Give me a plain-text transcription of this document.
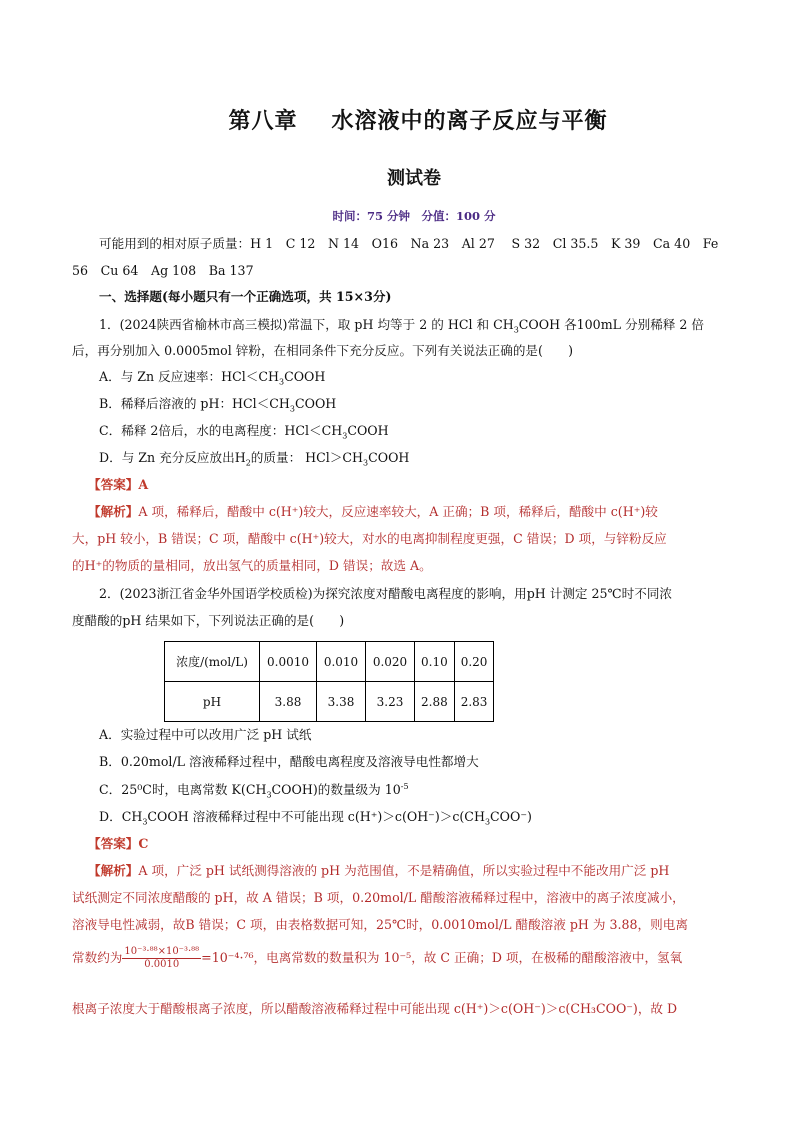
第八章 水溶液中的离子反应与平衡
测试卷
时间：75 分钟　分值：100 分
可能用到的相对原子质量：H 1　C 12　N 14　O16　Na 23　Al 27　 S 32　Cl 35.5　K 39　Ca 40　Fe
56　Cu 64　Ag 108　Ba 137
一、选择题(每小题只有一个正确选项，共 15×3分)
1．(2024陕西省榆林市高三模拟)常温下，取 pH 均等于 2 的 HCl 和 $CH_3COOH$ 各100mL 分别稀释 2 倍
后，再分别加入 0.0005mol 锌粉，在相同条件下充分反应。下列有关说法正确的是(　　)
A．与 Zn 反应速率：$HCl<CH_3COOH$
B．稀释后溶液的 pH：$HCl<CH_3COOH$
C．稀释 2倍后，水的电离程度：$HCl<CH_3COOH$
D．与 Zn 充分反应放出$H_2$的质量： $HCl>CH_3COOH$
【答案】A
【解析】A 项，稀释后，醋酸中 c(H⁺)较大，反应速率较大，A 正确；B 项，稀释后，醋酸中 c(H⁺)较
大，pH 较小，B 错误；C 项，醋酸中 c(H⁺)较大，对水的电离抑制程度更强，C 错误；D 项，与锌粉反应
的H⁺的物质的量相同，放出氢气的质量相同，D 错误；故选 A。
2．(2023浙江省金华外国语学校质检)为探究浓度对醋酸电离程度的影响，用pH 计测定 25℃时不同浓
度醋酸的pH 结果如下，下列说法正确的是(　　)
浓度/(mol/L)	0.0010	0.010	0.020	0.10	0.20
pH	3.88	3.38	3.23	2.88	2.83
A．实验过程中可以改用广泛 pH 试纸
B．0.20mol/L 溶液稀释过程中，醋酸电离程度及溶液导电性都增大
C．25⁰C时，电离常数 $K(CH_3COOH)$的数量级为 $10^{-5}$
D．$CH_3COOH$ 溶液稀释过程中不可能出现 $c(H^+)>c(OH^-)>c(CH_3COO^-)$
【答案】C
【解析】A 项，广泛 pH 试纸测得溶液的 pH 为范围值，不是精确值，所以实验过程中不能改用广泛 pH
试纸测定不同浓度醋酸的 pH，故 A 错误；B 项，0.20mol/L 醋酸溶液稀释过程中，溶液中的离子浓度减小，
溶液导电性减弱，故B 错误；C 项，由表格数据可知，25℃时，0.0010mol/L 醋酸溶液 pH 为 3.88，则电离
常数约为 $\frac{\text{10⁻³·⁸⁸×10⁻³·⁸⁸}}{0.0010} =10^{-4}\cdot^{76}$，电离常数的数量积为 10⁻⁵，故 C 正确；D 项，在极稀的醋酸溶液中，氢氧
根离子浓度大于醋酸根离子浓度，所以醋酸溶液稀释过程中可能出现 c(H⁺)＞c(OH⁻)＞c(CH₃COO⁻)，故 D
